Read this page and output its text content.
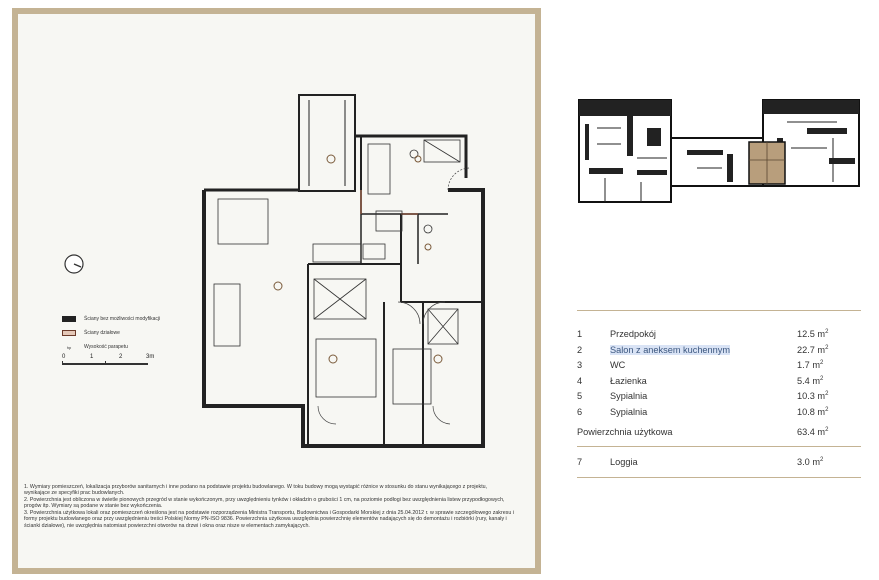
Ściany bez możliwości modyfikacji
Ściany działowe
hp	Wysokość parapetu
0	1	2	3m

1. Wymiary pomieszczeń, lokalizacja przyborów sanitarnych i inne podano na podstawie projektu budowlanego. W toku budowy mogą wystąpić różnice w stosunku do stanu wynikającego z projektu, wynikające ze specyfiki prac budowlanych.

2. Powierzchnia jest obliczona w świetle pionowych przegród w stanie wykończonym, przy uwzględnieniu tynków i okładzin o grubości 1 cm, na poziomie podłogi bez uwzględnienia listew przypodłogowych, progów itp. Wymiary są podane w stanie bez wykończenia.

3. Powierzchnia użytkowa lokali oraz pomieszczeń określona jest na podstawie rozporządzenia Ministra Transportu, Budownictwa i Gospodarki Morskiej z dnia 25.04.2012 r. w sprawie szczegółowego zakresu i formy projektu budowlanego oraz przy uwzględnieniu treści Polskiej Normy PN-ISO 9836. Powierzchnia użytkowa uwzględnia powierzchnię elementów nadających się do demontażu i rozbiórki (rury, kanały i ścianki działowe), nie uwzględnia natomiast powierzchni otworów na drzwi i okna oraz nisze w elementach zamykających.

1	Przedpokój	12.5 $m^2$
2	Salon z aneksem kuchennym	22.7 $m^2$
3	WC	1.7 $m^2$
4	Łazienka	5.4 $m^2$
5	Sypialnia	10.3 $m^2$
6	Sypialnia	10.8 $m^2$
Powierzchnia użytkowa	63.4 $m^2$
7	Loggia	3.0 $m^2$
